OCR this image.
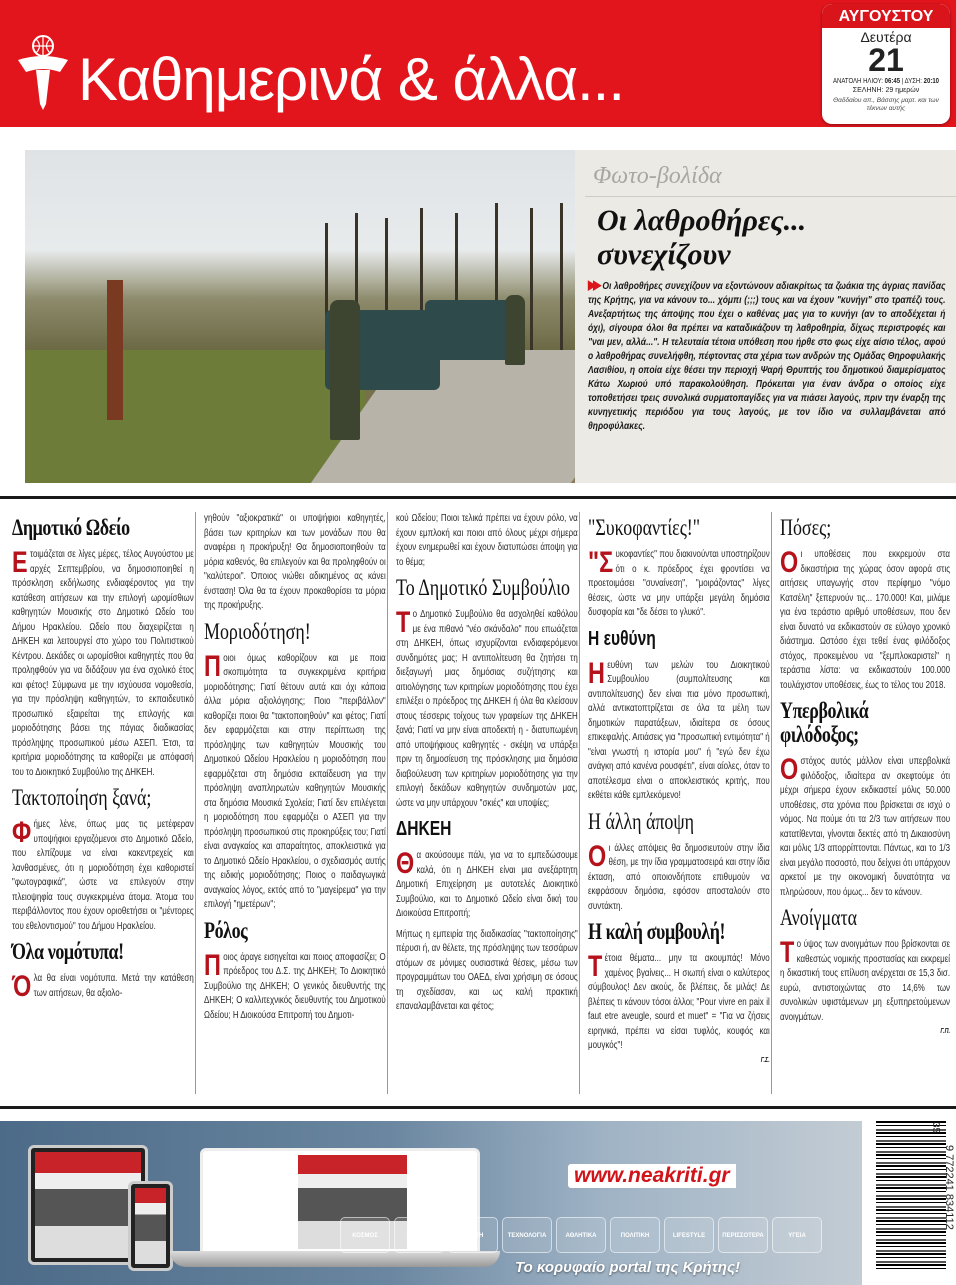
Καθημερινά & άλλα...
ΑΥΓΟΥΣΤΟΥ
Δευτέρα
21
ΑΝΑΤΟΛΗ ΗΛΙΟΥ: 06:45 | ΔΥΣΗ: 20:10
ΣΕΛΗΝΗ: 29 ημερών
Θαδδαίου απ., Βάσσης μαρτ. και των τέκνων αυτής
Φωτο-βολίδα
Οι λαθροθήρες... συνεχίζουν
▶▶ Οι λαθροθήρες συνεχίζουν να εξοντώνουν αδιακρίτως τα ζωάκια της άγριας πανίδας της Κρήτης, για να κάνουν το... χόμπι (;;;) τους και να έχουν "κυνήγι" στο τραπέζι τους. Ανεξαρτήτως της άποψης που έχει ο καθένας μας για το κυνήγι (αν το αποδέχεται ή όχι), σίγουρα όλοι θα πρέπει να καταδικάζουν τη λαθροθηρία, δίχως περιστροφές και "ναι μεν, αλλά...". Η τελευταία τέτοια υπόθεση που ήρθε στο φως είχε αίσιο τέλος, αφού ο λαθροθήρας συνελήφθη, πέφτοντας στα χέρια των ανδρών της Ομάδας Θηροφυλακής Λασιθίου, η οποία είχε θέσει την περιοχή Ψαρή Θρυπτής του δημοτικού διαμερίσματος Κάτω Χωριού υπό παρακολούθηση. Πρόκειται για έναν άνδρα ο οποίος είχε τοποθετήσει τρεις συνολικά συρματοπαγίδες για να πιάσει λαγούς, πριν την έναρξη της κυνηγετικής περιόδου για τους λαγούς, με τον ίδιο να συλλαμβάνεται από θηροφύλακες.
Δημοτικό Ωδείο

Ετοιμάζεται σε λίγες μέρες, τέλος Αυγούστου με αρχές Σεπτεμβρίου, να δημοσιοποιηθεί η πρόσκληση εκδήλωσης ενδιαφέροντος για την κατάθεση αιτήσεων και την επιλογή ωρομίσθιων καθηγητών Μουσικής στο Δημοτικό Ωδείο του Δήμου Ηρακλείου. Ωδείο που διαχειρίζεται η ΔΗΚΕΗ και λειτουργεί στο χώρο του Πολιτιστικού Κέντρου. Δεκάδες οι ωρομίσθιοι καθηγητές που θα προληφθούν για να διδάξουν για ένα σχολικό έτος και φέτος! Σύμφωνα με την ισχύουσα νομοθεσία, για την πρόσληψη καθηγητών, το εκπαιδευτικό προσωπικό εξαιρείται της επιλογής και μοριοδότησης βάσει της πάγιας διαδικασίας πρόσληψης προσωπικού μέσω ΑΣΕΠ. Έτσι, τα κριτήρια μοριοδότησης τα καθορίζει με απόφασή του το Διοικητικό Συμβούλιο της ΔΗΚΕΗ.

Τακτοποίηση ξανά;

Φήμες λένε, όπως μας τις μετέφεραν υποψήφιοι εργαζόμενοι στο Δημοτικό Ωδείο, που ελπίζουμε να είναι κακεντρεχείς και λανθασμένες, ότι η μοριοδότηση έχει καθοριστεί "φωτογραφικά", ώστε να επιλεγούν στην πλειοψηφία τους συγκεκριμένα άτομα. Άτομα του περιβάλλοντος που έχουν οριοθετήσει οι "μέντορες του εθελοντισμού" του Δήμου Ηρακλείου.

Όλα νομότυπα!

Όλα θα είναι νομότυπα. Μετά την κατάθεση των αιτήσεων, θα αξιολο-

γηθούν "αξιοκρατικά" οι υποψήφιοι καθηγητές, βάσει των κριτηρίων και των μονάδων που θα αναφέρει η προκήρυξη! Θα δημοσιοποιηθούν τα μόρια καθενός, θα επιλεγούν και θα προληφθούν οι "καλύτεροι". Όποιος νιώθει αδικημένος ας κάνει ένσταση! Όλα θα τα έχουν προκαθορίσει τα μόρια της προκήρυξης.

Μοριοδότηση!

Ποιοι όμως καθορίζουν και με ποια σκοπιμότητα τα συγκεκριμένα κριτήρια μοριοδότησης; Γιατί θέτουν αυτά και όχι κάποια άλλα μόρια αξιολόγησης; Ποιο "περιβάλλον" καθορίζει ποιοι θα "τακτοποιηθούν" και φέτος; Γιατί δεν εφαρμόζεται και στην περίπτωση της πρόσληψης των καθηγητών Μουσικής του Δημοτικού Ωδείου Ηρακλείου η μοριοδότηση που εφαρμόζεται στη δημόσια εκπαίδευση για την πρόσληψη αναπληρωτών καθηγητών Μουσικής στα δημόσια Μουσικά Σχολεία; Γιατί δεν επιλέγεται η μοριοδότηση που εφαρμόζει ο ΑΣΕΠ για την πρόσληψη προσωπικού στις προκηρύξεις του; Γιατί είναι αναγκαίος και απαραίτητος, αποκλειστικά για το Δημοτικό Ωδείο Ηρακλείου, ο σχεδιασμός αυτής της ειδικής μοριοδότησης; Ποιος ο παιδαγωγικά αναγκαίος λόγος, εκτός από το "μαγείρεμα" για την επιλογή "ημετέρων";

Ρόλος

Ποιος άραγε εισηγείται και ποιος αποφασίζει; Ο πρόεδρος του Δ.Σ. της ΔΗΚΕΗ; Το Διοικητικό Συμβούλιο της ΔΗΚΕΗ; Ο γενικός διευθυντής της ΔΗΚΕΗ; Ο καλλιτεχνικός διευθυντής του Δημοτικού Ωδείου; Η Διοικούσα Επιτροπή του Δημοτι-

κού Ωδείου; Ποιοι τελικά πρέπει να έχουν ρόλο, να έχουν εμπλοκή και ποιοι από όλους μέχρι σήμερα έχουν ενημερωθεί και έχουν διατυπώσει άποψη για το θέμα;

Το Δημοτικό Συμβούλιο

Το Δημοτικό Συμβούλιο θα ασχοληθεί καθόλου με ένα πιθανό "νέο σκάνδαλο" που επωάζεται στη ΔΗΚΕΗ, όπως ισχυρίζονται ενδιαφερόμενοι συνδημότες μας; Η αντιπολίτευση θα ζητήσει τη διεξαγωγή μιας δημόσιας συζήτησης και αιτιολόγησης των κριτηρίων μοριοδότησης που έχει επιλέξει ο πρόεδρος της ΔΗΚΕΗ ή όλα θα κλείσουν στους τέσσερις τοίχους των γραφείων της ΔΗΚΕΗ ξανά; Γιατί να μην είναι αποδεκτή η - διατυπωμένη από υποψήφιους καθηγητές - σκέψη να υπάρξει πριν τη δημοσίευση της πρόσκλησης μια δημόσια διαβούλευση των κριτηρίων μοριοδότησης για την επιλογή δεκάδων καθηγητών συνδημοτών μας, ώστε να μην υπάρχουν "σκιές" και υποψίες;

ΔΗΚΕΗ

Θα ακούσουμε πάλι, για να το εμπεδώσουμε καλά, ότι η ΔΗΚΕΗ είναι μια ανεξάρτητη Δημοτική Επιχείρηση με αυτοτελές Διοικητικό Συμβούλιο, και το Δημοτικό Ωδείο είναι δική του Διοικούσα Επιτροπή;

Μήπως η εμπειρία της διαδικασίας "τακτοποίησης" πέρυσι ή, αν θέλετε, της πρόσληψης των τεσσάρων ατόμων σε μόνιμες ουσιαστικά θέσεις, μέσω των προγραμμάτων του ΟΑΕΔ, είναι χρήσιμη σε όσους τη σχεδίασαν, και ως καλή πρακτική επαναλαμβάνεται και φέτος;

"Συκοφαντίες!"

"Συκοφαντίες" που διακινούνται υποστηρίζουν ότι ο κ. πρόεδρος έχει φροντίσει να προετοιμάσει "συναίνεση", "μοιράζοντας" λίγες θέσεις, ώστε να μην υπάρξει μεγάλη δημόσια δυσφορία και "δε δέσει το γλυκό".

Η ευθύνη

Ηευθύνη των μελών του Διοικητικού Συμβουλίου (συμπολίτευσης και αντιπολίτευσης) δεν είναι πια μόνο προσωπική, αλλά αντικατοπτρίζεται σε όλα τα μέλη των δημοτικών παρατάξεων, ιδιαίτερα σε όσους επικεφαλής. Αιτιάσεις για "προσωπική εντιμότητα" ή "είναι γνωστή η ιστορία μου" ή "εγώ δεν έχω ανάγκη από κανένα ρουσφέτι", είναι αίολες, όταν το αποτέλεσμα είναι ο αποκλειστικός κριτής, που εκθέτει κάθε εμπλεκόμενο!

Η άλλη άποψη

Οι άλλες απόψεις θα δημοσιευτούν στην ίδια θέση, με την ίδια γραμματοσειρά και στην ίδια έκταση, από οποιονδήποτε επιθυμούν να εκφράσουν δημόσια, εφόσον αποσταλούν στο συντάκτη.

Η καλή συμβουλή!

Τέτοια θέματα... μην τα ακουμπάς! Μόνο χαμένος βγαίνεις... Η σιωπή είναι ο καλύτερος σύμβουλος! Δεν ακούς, δε βλέπεις, δε μιλάς! Δε βλέπεις τι κάνουν τόσοι άλλοι; "Pour vivre en paix il faut etre aveugle, sourd et muet" = "Για να ζήσεις ειρηνικά, πρέπει να είσαι τυφλός, κουφός και μουγκός"!

Γ.Σ.
Πόσες;

Οι υποθέσεις που εκκρεμούν στα δικαστήρια της χώρας όσον αφορά στις αιτήσεις υπαγωγής στον περίφημο "νόμο Κατσέλη" ξεπερνούν τις... 170.000! Και, μιλάμε για ένα τεράστιο αριθμό υποθέσεων, που δεν είναι δυνατό να εκδικαστούν σε εύλογο χρονικό διάστημα. Ωστόσο έχει τεθεί ένας φιλόδοξος στόχος, προκειμένου να "ξεμπλοκαριστεί" η τεράστια λίστα: να εκδικαστούν 100.000 τουλάχιστον υποθέσεις, έως το τέλος του 2018.

Υπερβολικά φιλόδοξος;

Οστόχος αυτός μάλλον είναι υπερβολικά φιλόδοξος, ιδιαίτερα αν σκεφτούμε ότι μέχρι σήμερα έχουν εκδικαστεί μόλις 50.000 υποθέσεις, στα χρόνια που βρίσκεται σε ισχύ ο νόμος. Να πούμε ότι τα 2/3 των αιτήσεων που κατατίθενται, γίνονται δεκτές από τη Δικαιοσύνη και μόλις 1/3 απορρίπτονται. Πάντως, και το 1/3 είναι μεγάλο ποσοστό, που δείχνει ότι υπάρχουν αρκετοί με την οικονομική δυνατότητα να πληρώσουν, που όμως... δεν το κάνουν.

Ανοίγματα

Το ύψος των ανοιγμάτων που βρίσκονται σε καθεστώς νομικής προστασίας και εκκρεμεί η δικαστική τους επίλυση ανέρχεται σε 15,3 δισ. ευρώ, αντιστοιχώντας στο 14,6% των συνολικών υφιστάμενων μη εξυπηρετούμενων ανοιγμάτων.

Γ.Π.
ΚΟΣΜΟΣ	ΕΛΛΑΔΑ	ΚΡΗΤΗ	ΤΕΧΝΟΛΟΓΙΑ	ΑΘΛΗΤΙΚΑ	ΠΟΛΙΤΙΚΗ	LIFESTYLE	ΠΕΡΙΣΣΟΤΕΡΑ	ΥΓΕΙΑ
www.neakriti.gr
Το κορυφαίο portal της Κρήτης!
9 772241 834112
35
